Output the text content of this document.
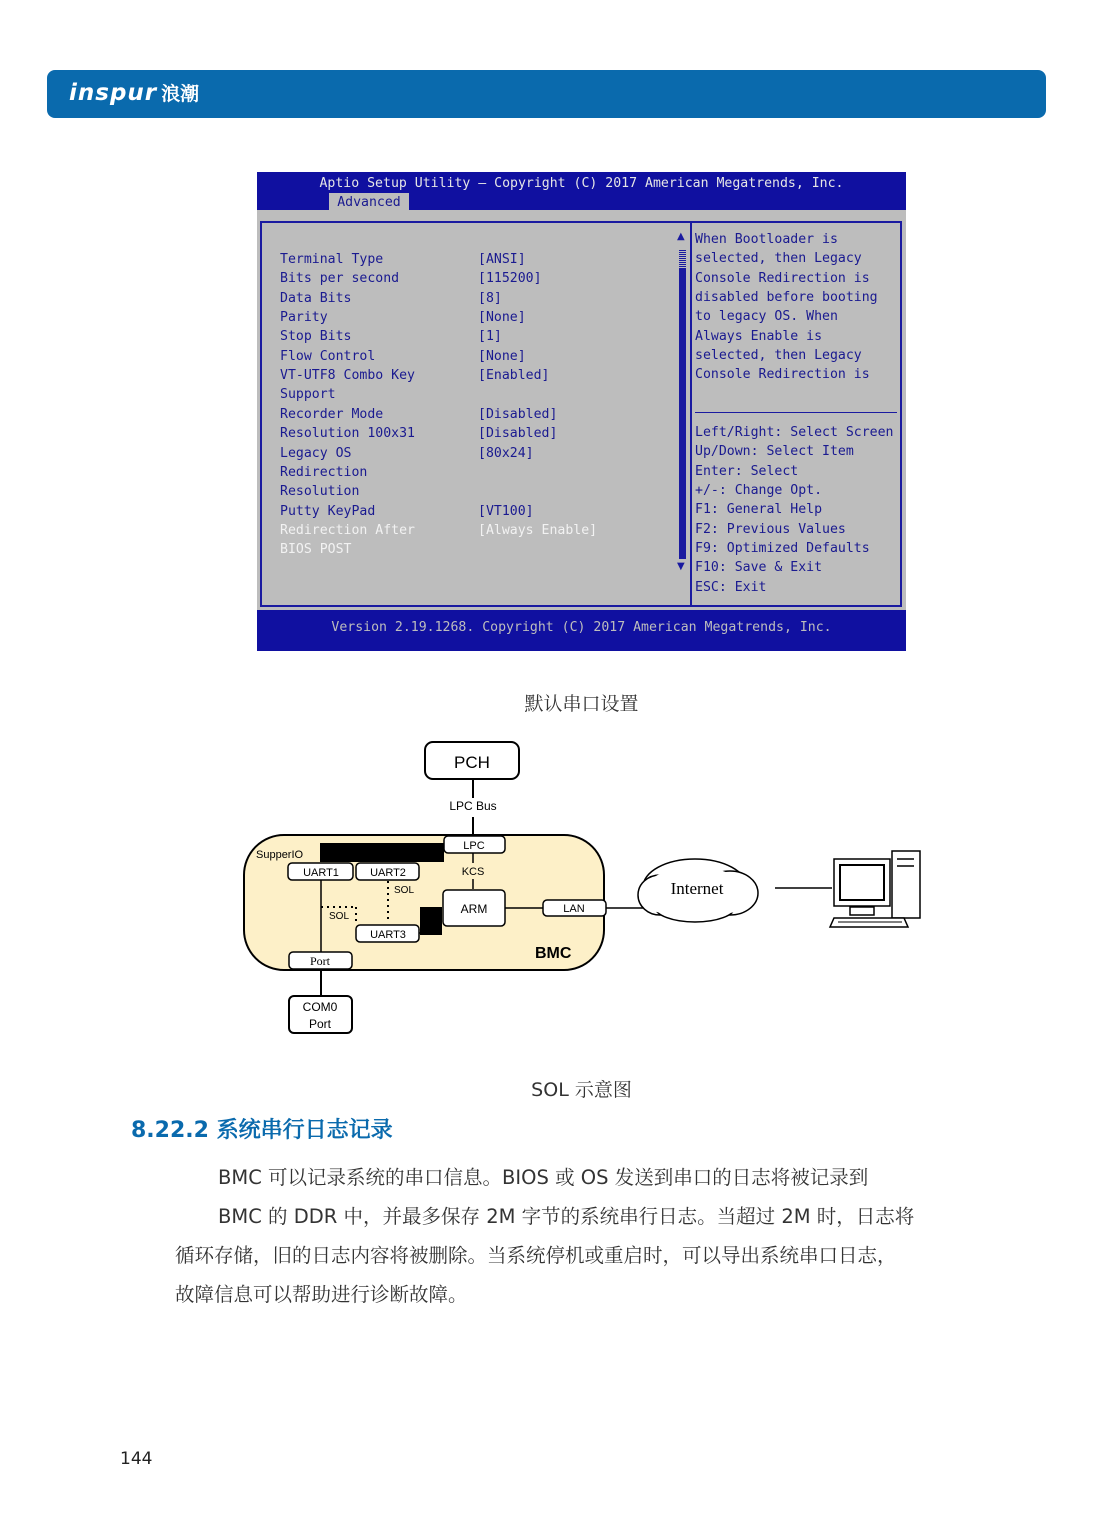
inspur 浪潮
Aptio Setup Utility – Copyright (C) 2017 American Megatrends, Inc.
Advanced
Terminal Type	[ANSI]
Bits per second	[115200]
Data Bits	[8]
Parity	[None]
Stop Bits	[1]
Flow Control	[None]
VT-UTF8 Combo Key	[Enabled]
Support
Recorder Mode	[Disabled]
Resolution 100x31	[Disabled]
Legacy OS	[80x24]
Redirection
Resolution
Putty KeyPad	[VT100]
Redirection After	[Always Enable]
BIOS POST
▲
▼
When Bootloader is
selected, then Legacy
Console Redirection is
disabled before booting
to legacy OS. When
Always Enable is
selected, then Legacy
Console Redirection is
Left/Right: Select Screen
Up/Down: Select Item
Enter: Select
+/-: Change Opt.
F1: General Help
F2: Previous Values
F9: Optimized Defaults
F10: Save & Exit
ESC: Exit
Version 2.19.1268. Copyright (C) 2017 American Megatrends, Inc.
默认串口设置
PCH
LPC Bus
SupperIO
LPC
KCS
UART1	UART2
SOL
SOL
UART3
ARM	LAN
BMC
Port
COM0
Port
Internet
SOL 示意图
8.22.2 系统串行日志记录
BMC 可以记录系统的串口信息。BIOS 或 OS 发送到串口的日志将被记录到
BMC 的 DDR 中，并最多保存 2M 字节的系统串行日志。当超过 2M 时，日志将
循环存储，旧的日志内容将被删除。当系统停机或重启时，可以导出系统串口日志，
故障信息可以帮助进行诊断故障。
144
